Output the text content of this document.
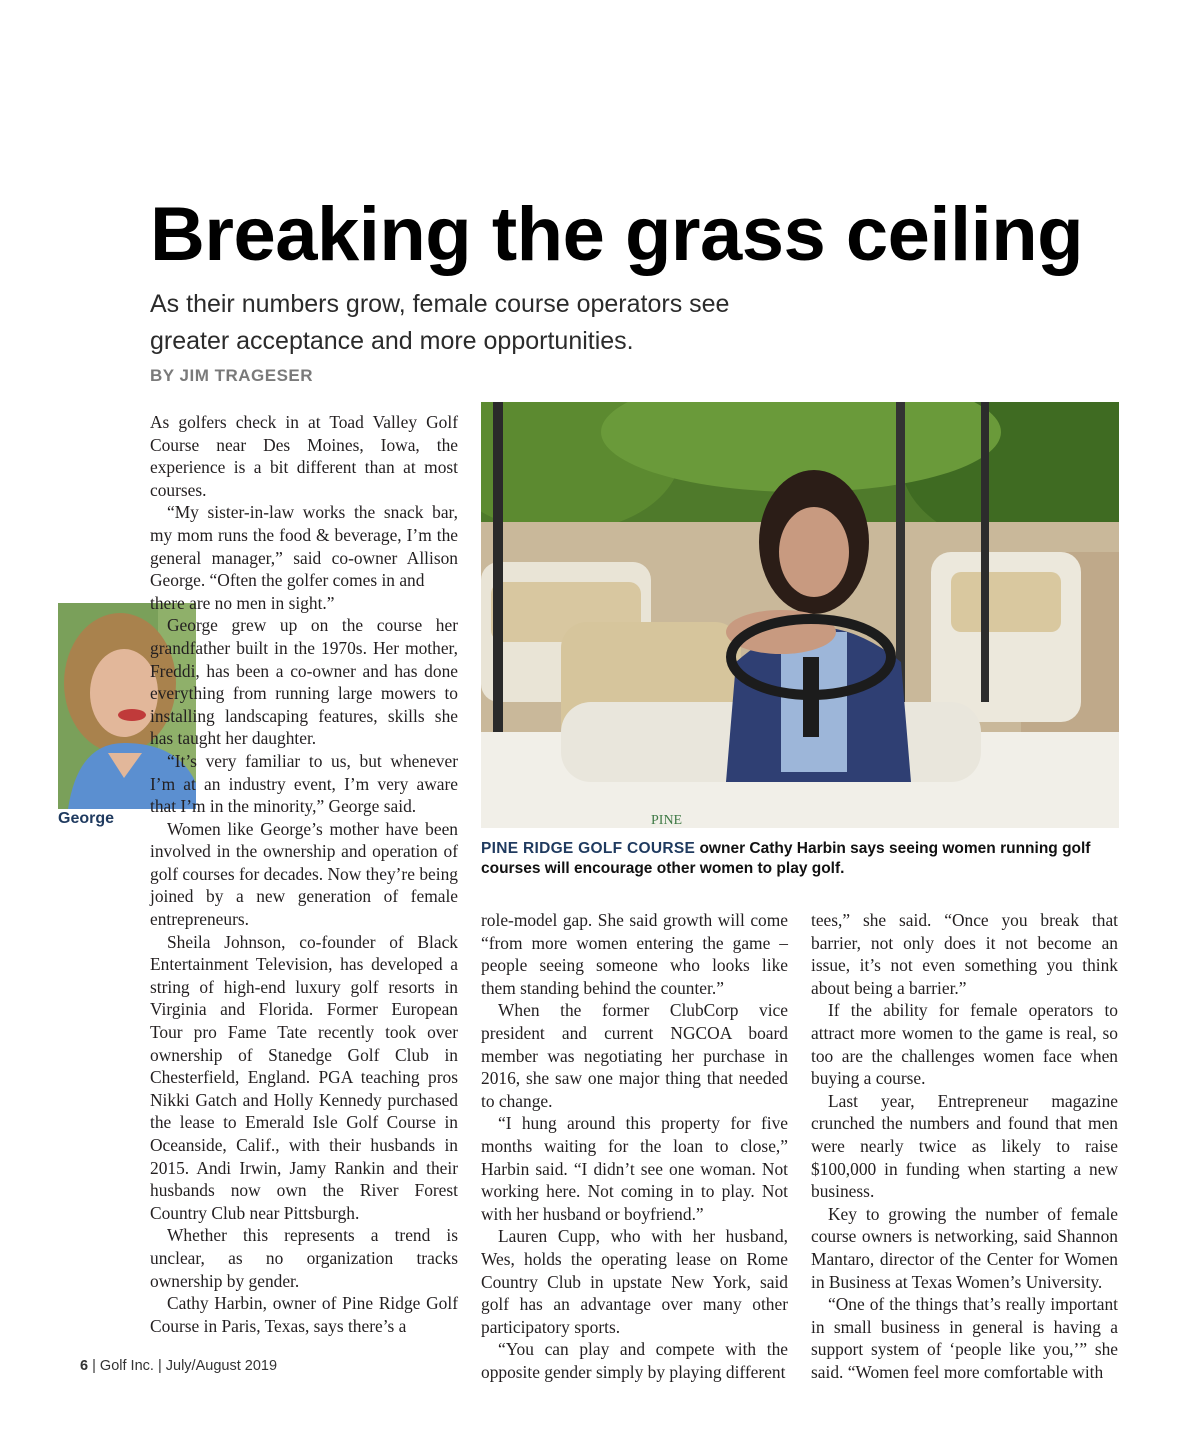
Breaking the grass ceiling
As their numbers grow, female course operators see
greater acceptance and more opportunities.
BY JIM TRAGESER
PINE
PINE RIDGE GOLF COURSE owner Cathy Harbin says seeing women running golf courses will encourage other women to play golf.
George

As golfers check in at Toad Valley Golf Course near Des Moines, Iowa, the experience is a bit different than at most courses.

“My sister-in-law works the snack bar, my mom runs the food & beverage, I’m the general manager,” said co-owner Allison George. “Often the golfer comes in and

there are no men in sight.”

George grew up on the course her grandfather built in the 1970s. Her mother, Freddi, has been a co-owner and has done everything from running large mowers to installing landscaping features, skills she has taught her daughter.

“It’s very familiar to us, but whenever I’m at an industry event, I’m very aware that I’m in the minority,” George said.

Women like George’s mother have been involved in the ownership and operation of golf courses for decades. Now they’re being joined by a new generation of female entrepreneurs.

Sheila Johnson, co-founder of Black Entertainment Television, has developed a string of high-end luxury golf resorts in Virginia and Florida. Former European Tour pro Fame Tate recently took over ownership of Stanedge Golf Club in Chesterfield, England. PGA teaching pros Nikki Gatch and Holly Kennedy purchased the lease to Emerald Isle Golf Course in Oceanside, Calif., with their husbands in 2015. Andi Irwin, Jamy Rankin and their husbands now own the River Forest Country Club near Pittsburgh.

Whether this represents a trend is unclear, as no organization tracks ownership by gender.

Cathy Harbin, owner of Pine Ridge Golf Course in Paris, Texas, says there’s a

role-model gap. She said growth will come “from more women entering the game – people seeing someone who looks like them standing behind the counter.”

When the former ClubCorp vice president and current NGCOA board member was negotiating her purchase in 2016, she saw one major thing that needed to change.

“I hung around this property for five months waiting for the loan to close,” Harbin said. “I didn’t see one woman. Not working here. Not coming in to play. Not with her husband or boyfriend.”

Lauren Cupp, who with her husband, Wes, holds the operating lease on Rome Country Club in upstate New York, said golf has an advantage over many other participatory sports.

“You can play and compete with the opposite gender simply by playing different

tees,” she said. “Once you break that barrier, not only does it not become an issue, it’s not even something you think about being a barrier.”

If the ability for female operators to attract more women to the game is real, so too are the challenges women face when buying a course.

Last year, Entrepreneur magazine crunched the numbers and found that men were nearly twice as likely to raise $100,000 in funding when starting a new business.

Key to growing the number of female course owners is networking, said Shannon Mantaro, director of the Center for Women in Business at Texas Women’s University.

“One of the things that’s really important in small business in general is having a support system of ‘people like you,’” she said. “Women feel more comfortable with

6 | Golf Inc. | July/August 2019
